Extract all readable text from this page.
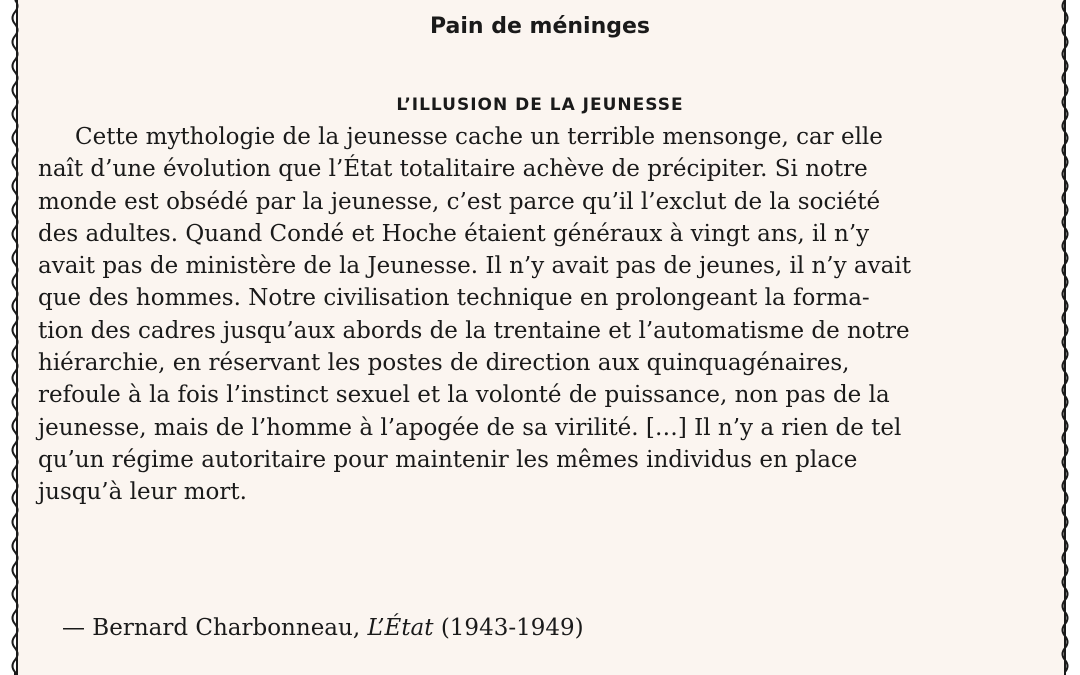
Pain de méninges
L’ILLUSION DE LA JEUNESSE

Cette mythologie de la jeunesse cache un terrible mensonge, car elle
naît d’une évolution que l’État totalitaire achève de précipiter. Si notre
monde est obsédé par la jeunesse, c’est parce qu’il l’exclut de la société
des adultes. Quand Condé et Hoche étaient généraux à vingt ans, il n’y
avait pas de ministère de la Jeunesse. Il n’y avait pas de jeunes, il n’y avait
que des hommes. Notre civilisation technique en prolongeant la forma-
tion des cadres jusqu’aux abords de la trentaine et l’automatisme de notre
hiérarchie, en réservant les postes de direction aux quinquagénaires,
refoule à la fois l’instinct sexuel et la volonté de puissance, non pas de la
jeunesse, mais de l’homme à l’apogée de sa virilité. […] Il n’y a rien de tel
qu’un régime autoritaire pour maintenir les mêmes individus en place
jusqu’à leur mort.

— Bernard Charbonneau, L’État (1943-1949)
